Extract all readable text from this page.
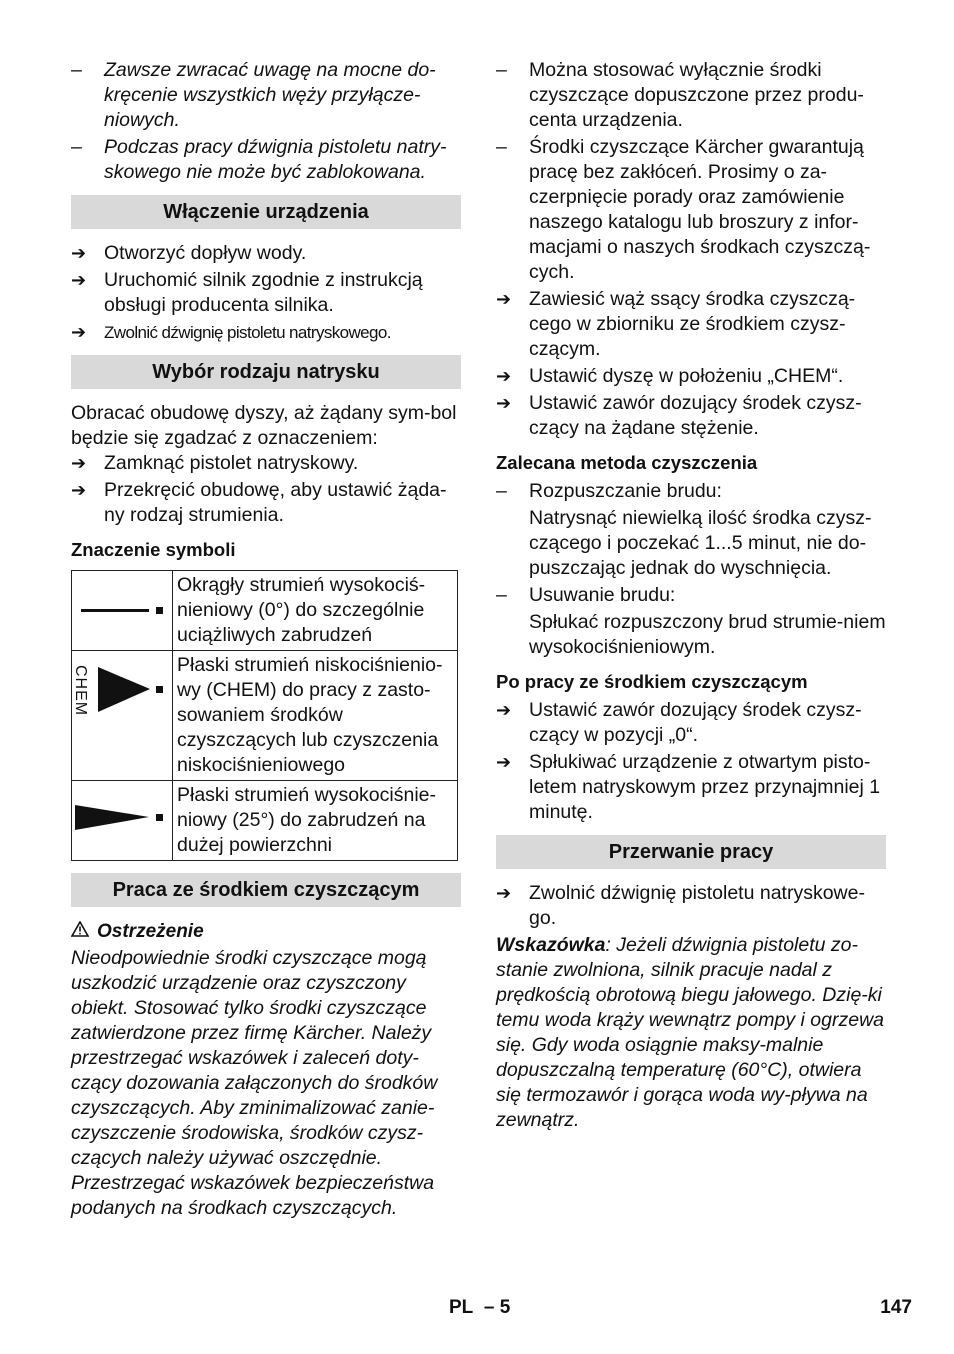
– Zawsze zwracać uwagę na mocne do-kręcenie wszystkich węży przyłącze-niowych.

– Podczas pracy dźwignia pistoletu natry-skowego nie może być zablokowana.

Włączenie urządzenia

➔ Otworzyć dopływ wody.

➔ Uruchomić silnik zgodnie z instrukcją obsługi producenta silnika.

➔ Zwolnić dźwignię pistoletu natryskowego.

Wybór rodzaju natrysku

Obracać obudowę dyszy, aż żądany sym-bol będzie się zgadzać z oznaczeniem:

➔ Zamknąć pistolet natryskowy.

➔ Przekręcić obudowę, aby ustawić żąda-ny rodzaj strumienia.

Znaczenie symboli
	Okrągły strumień wysokociś-nieniowy (0°) do szczególnie uciążliwych zabrudzeń

CHEM	Płaski strumień niskociśnienio-wy (CHEM) do pracy z zasto-sowaniem środków czyszczących lub czyszczenia niskociśnieniowego

	Płaski strumień wysokociśnie-niowy (25°) do zabrudzeń na dużej powierzchni
Praca ze środkiem czyszczącym
Ostrzeżenie

Nieodpowiednie środki czyszczące mogą uszkodzić urządzenie oraz czyszczony obiekt. Stosować tylko środki czyszczące zatwierdzone przez firmę Kärcher. Należy przestrzegać wskazówek i zaleceń doty-czący dozowania załączonych do środków czyszczących. Aby zminimalizować zanie-czyszczenie środowiska, środków czysz-czących należy używać oszczędnie.

Przestrzegać wskazówek bezpieczeństwa podanych na środkach czyszczących.

– Można stosować wyłącznie środki czyszczące dopuszczone przez produ-centa urządzenia.

– Środki czyszczące Kärcher gwarantują pracę bez zakłóceń. Prosimy o za-czerpnięcie porady oraz zamówienie naszego katalogu lub broszury z infor-macjami o naszych środkach czyszczą-cych.

➔ Zawiesić wąż ssący środka czyszczą-cego w zbiorniku ze środkiem czysz-czącym.

➔ Ustawić dyszę w położeniu „CHEM“.

➔ Ustawić zawór dozujący środek czysz-czący na żądane stężenie.

Zalecana metoda czyszczenia

– Rozpuszczanie brudu:

Natrysnąć niewielką ilość środka czysz-czącego i poczekać 1...5 minut, nie do-puszczając jednak do wyschnięcia.

– Usuwanie brudu:

Spłukać rozpuszczony brud strumie-niem wysokociśnieniowym.

Po pracy ze środkiem czyszczącym

➔ Ustawić zawór dozujący środek czysz-czący w pozycji „0“.

➔ Spłukiwać urządzenie z otwartym pisto-letem natryskowym przez przynajmniej 1 minutę.

Przerwanie pracy

➔ Zwolnić dźwignię pistoletu natryskowe-go.

Wskazówka: Jeżeli dźwignia pistoletu zo-stanie zwolniona, silnik pracuje nadal z prędkością obrotową biegu jałowego. Dzię-ki temu woda krąży wewnątrz pompy i ogrzewa się. Gdy woda osiągnie maksy-malnie dopuszczalną temperaturę (60°C), otwiera się termozawór i gorąca woda wy-pływa na zewnątrz.

PL – 5	147
